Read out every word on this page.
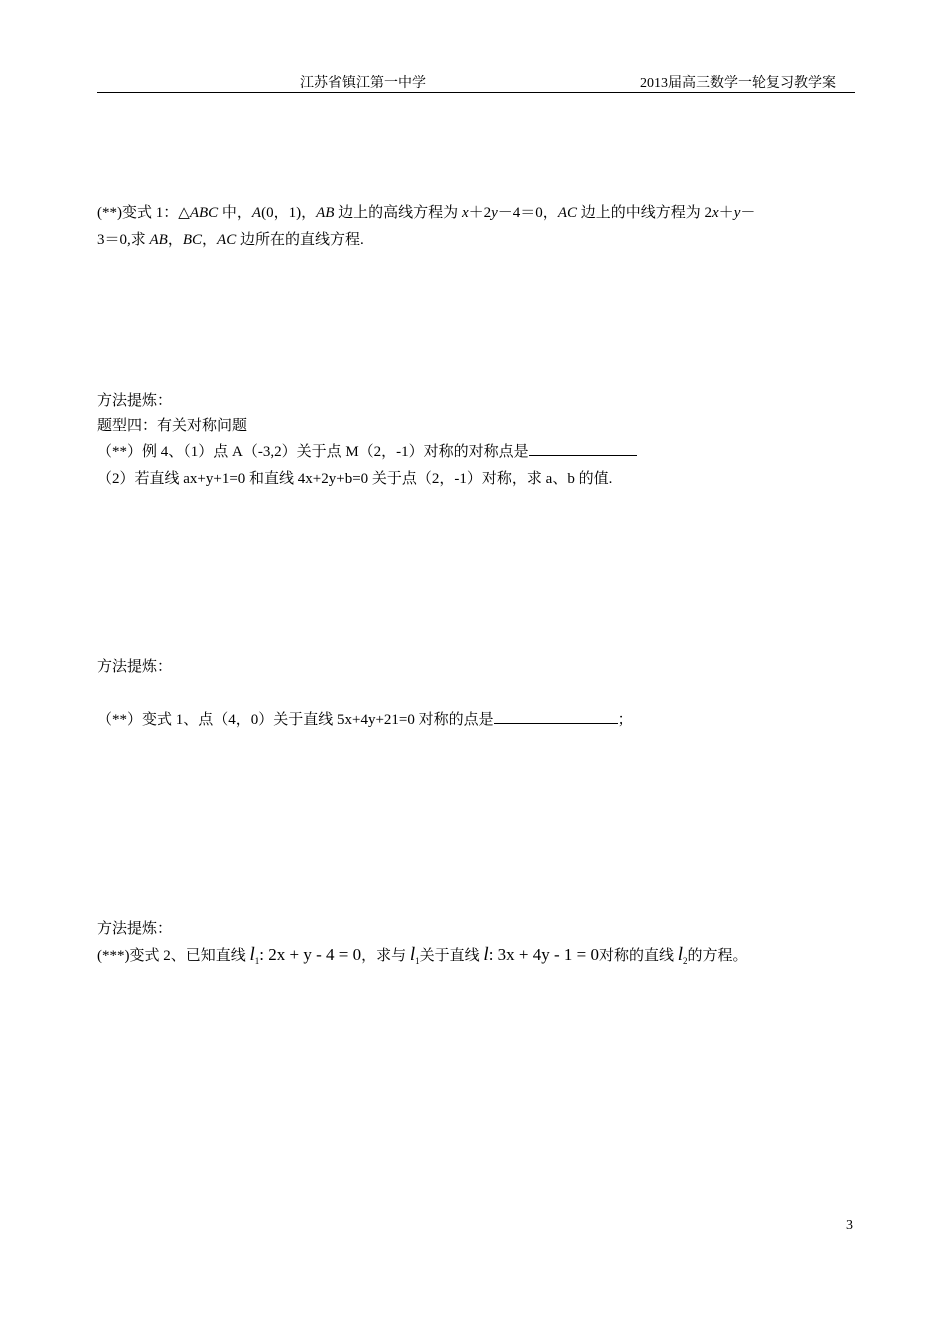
江苏省镇江第一中学	2013届高三数学一轮复习教学案
(**)变式 1：△ABC 中，A(0，1)，AB 边上的高线方程为 x＋2y－4＝0，AC 边上的中线方程为 2x＋y－
3＝0,求 AB，BC，AC 边所在的直线方程.
方法提炼：
题型四：有关对称问题
（**）例 4、（1）点 A（-3,2）关于点 M（2，-1）对称的对称点是
（2）若直线 ax+y+1=0 和直线 4x+2y+b=0 关于点（2，-1）对称，求 a、b 的值.
方法提炼：
（**）变式 1、点（4，0）关于直线 5x+4y+21=0 对称的点是	；
方法提炼：
(***)变式 2、已知直线 $l_1$: 2x + y - 4 = 0，求与 $l_1$关于直线 l: 3x + 4y - 1 = 0对称的直线 $l_2$的方程。
3
